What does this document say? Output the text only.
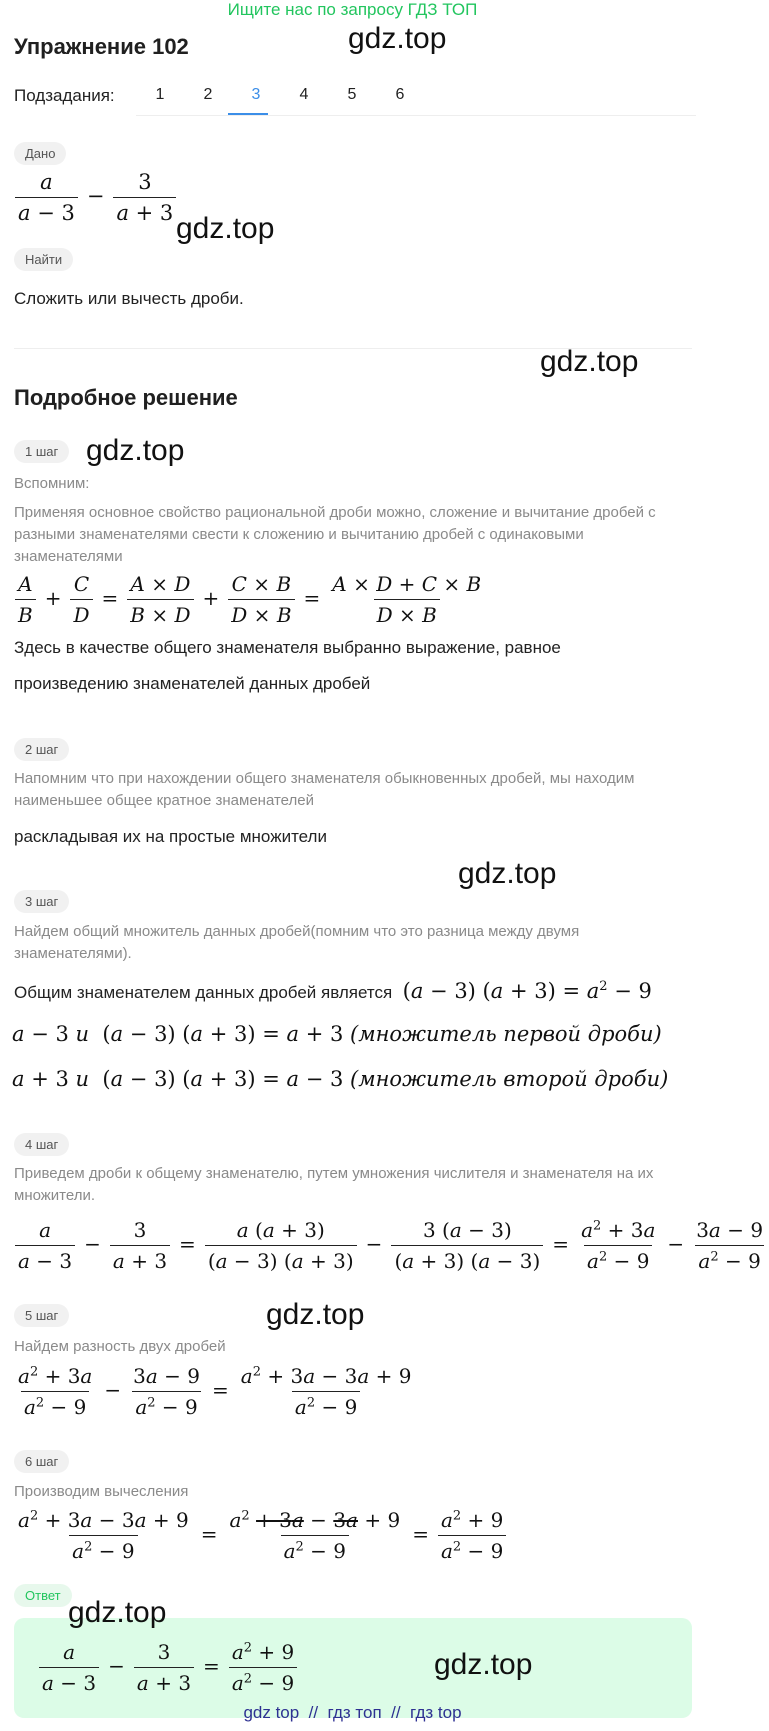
Ищите нас по запросу ГДЗ ТОП
Упражнение 102	gdz.top
Подзадания:	1	2	3	4	5	6
Дано
$\frac{a}{a - 3} - \frac{3}{a + 3}$
gdz.top
Найти
Сложить или вычесть дроби.
gdz.top
Подробное решение
1 шаг gdz.top
Вспомним:
Применяя основное свойство рациональной дроби можно, сложение и вычитание дробей с разными знаменателями свести к сложению и вычитанию дробей с одинаковыми знаменателями
$\frac{A}{B} + \frac{C}{D} = \frac{A \times D}{B \times D} + \frac{C \times B}{D \times B} = \frac{A \times D + C \times B}{D \times B}$
Здесь в качестве общего знаменателя выбранно выражение, равное
произведению знаменателей данных дробей
2 шаг
Напомним что при нахождении общего знаменателя обыкновенных дробей, мы находим наименьшее общее кратное знаменателей
раскладывая их на простые множители
gdz.top
3 шаг
Найдем общий множитель данных дробей(помним что это разница между двумя знаменателями).
Общим знаменателем данных дробей является (a − 3) $(a + 3) = a^2 - 9$
a − 3 и  (a − 3) (a + 3) = a + 3 (множитель первой дроби)
a + 3 и  (a − 3) (a + 3) = a − 3 (множитель второй дроби)
4 шаг
Приведем дроби к общему знаменателю, путем умножения числителя и знаменателя на их множители.
$\frac{a}{a - 3} - \frac{3}{a + 3} = \frac{a (a + 3)}{(a - 3) (a + 3)} - \frac{3 (a - 3)}{(a + 3) (a - 3)} = \frac{a^2 + 3a}{a^2 - 9} - \frac{3a - 9}{a^2 - 9}$
5 шаг	gdz.top
Найдем разность двух дробей
$\frac{a^2 + 3a}{a^2 - 9} - \frac{3a - 9}{a^2 - 9} = \frac{a^2 + 3a - 3a + 9}{a^2 - 9}$
6 шаг
Производим вычесления
$\frac{a^2 + 3a - 3a + 9}{a^2 - 9} = \frac{a^2 + 3a - 3a + 9}{a^2 - 9} = \frac{a^2 + 9}{a^2 - 9}$
Ответ
gdz.top
$\frac{a}{a - 3} - \frac{3}{a + 3} = \frac{a^2 + 9}{a^2 - 9}$	gdz.top
gdz top  //  гдз топ  //  гдз top
